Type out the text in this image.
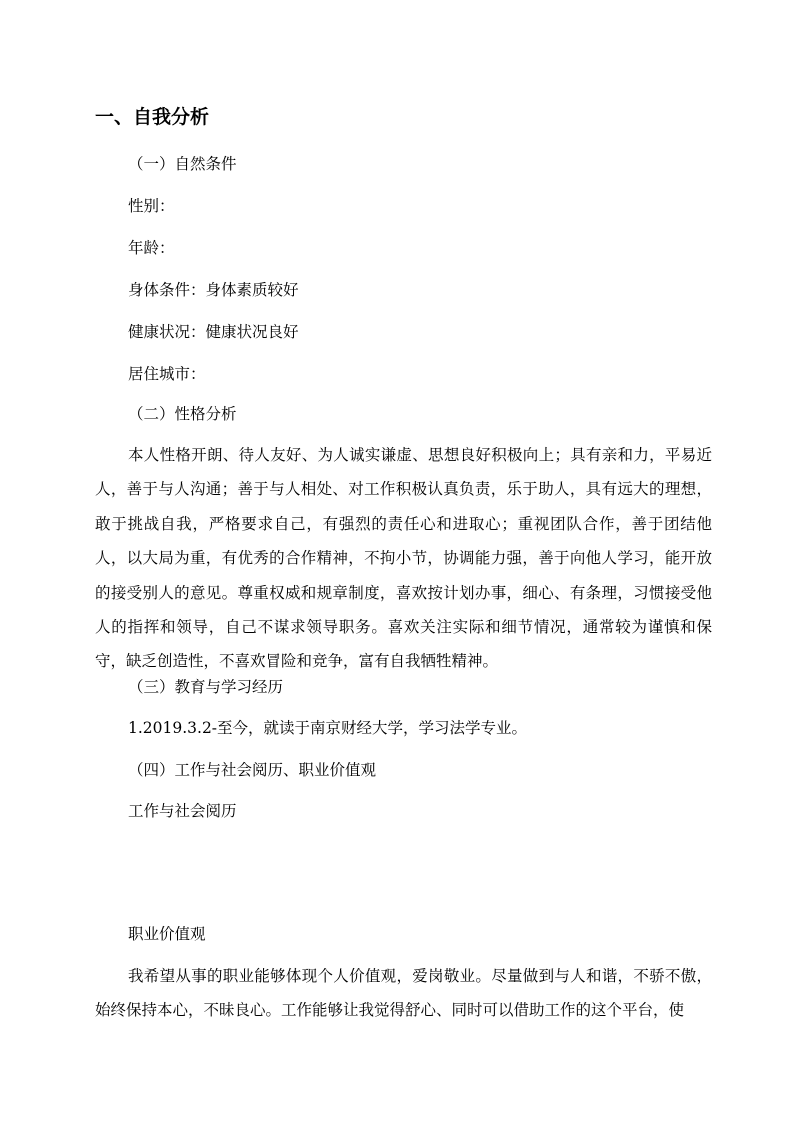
一、自我分析
（一）自然条件
性别：
年龄：
身体条件：身体素质较好
健康状况：健康状况良好
居住城市：
（二）性格分析
本人性格开朗、待人友好、为人诚实谦虚、思想良好积极向上；具有亲和力，平易近人，善于与人沟通；善于与人相处、对工作积极认真负责，乐于助人，具有远大的理想，敢于挑战自我，严格要求自己，有强烈的责任心和进取心；重视团队合作，善于团结他人，以大局为重，有优秀的合作精神，不拘小节，协调能力强，善于向他人学习，能开放的接受别人的意见。尊重权威和规章制度，喜欢按计划办事，细心、有条理，习惯接受他人的指挥和领导，自己不谋求领导职务。喜欢关注实际和细节情况，通常较为谨慎和保守，缺乏创造性，不喜欢冒险和竞争，富有自我牺牲精神。
（三）教育与学习经历
1.2019.3.2-至今，就读于南京财经大学，学习法学专业。
（四）工作与社会阅历、职业价值观
工作与社会阅历
职业价值观
我希望从事的职业能够体现个人价值观，爱岗敬业。尽量做到与人和谐，不骄不傲，始终保持本心，不昧良心。工作能够让我觉得舒心、同时可以借助工作的这个平台，使
